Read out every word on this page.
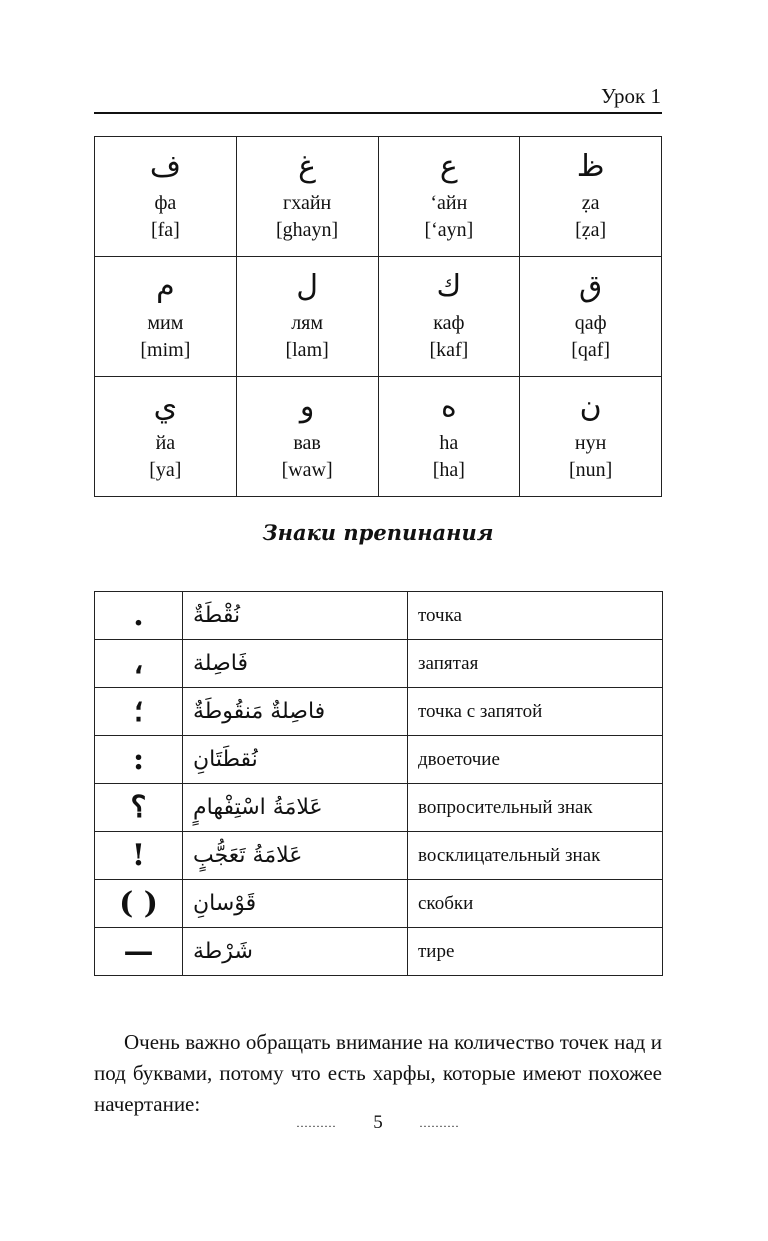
Урок 1
ف
фа
[fa]	غ
гхайн
[ghayn]	ع
‘айн
[‘ayn]	ظ
ẓa
[ẓa]

م
мим
[mim]	ل
лям
[lam]	ك
каф
[kaf]	ق
qaф
[qaf]

ي
йа
[ya]	و
вав
[waw]	ه
ha
[ha]	ن
нун
[nun]
Знаки препинания
.	نُقْطَةٌ	точка

،	فَاصِلة	запятая

؛	فاصِلةٌ مَنقُوطَةٌ	точка с запятой

:	نُقطَتَانِ	двоеточие

؟	عَلامَةُ اسْتِفْهامٍ	вопросительный знак

!	عَلامَةُ تَعَجُّبٍ	восклицательный знак

( )	قَوْسانِ	скобки

—	شَرْطة	тире

Очень важно обращать внимание на количество точек над и под буквами, потому что есть харфы, которые имеют похожее начертание:

.......... 5	..........
